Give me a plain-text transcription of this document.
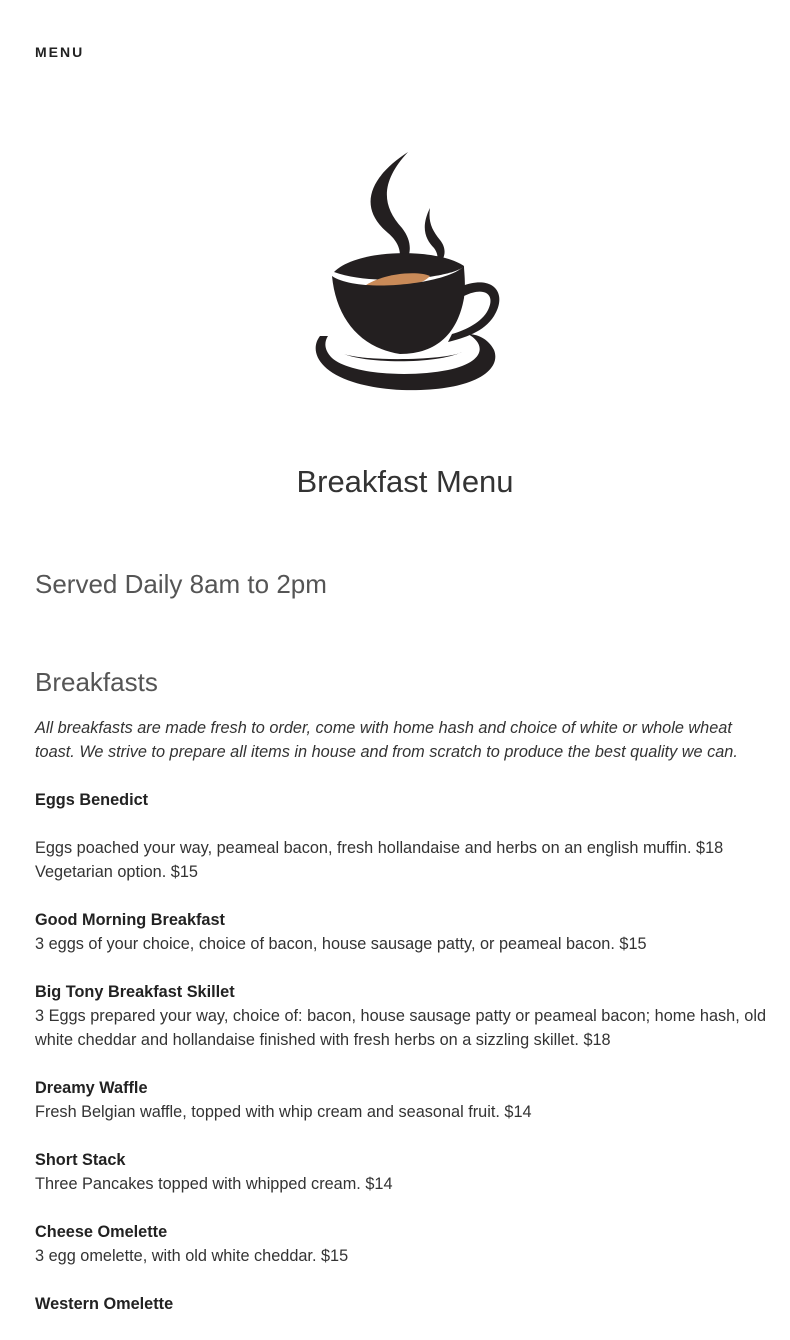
MENU
Breakfast Menu
Served Daily 8am to 2pm
Breakfasts

All breakfasts are made fresh to order, come with home hash and choice of white or whole wheat toast. We strive to prepare all items in house and from scratch to produce the best quality we can.

Eggs Benedict
Eggs poached your way, peameal bacon, fresh hollandaise and herbs on an english muffin. $18
Vegetarian option. $15
Good Morning Breakfast
3 eggs of your choice, choice of bacon, house sausage patty, or peameal bacon. $15
Big Tony Breakfast Skillet
3 Eggs prepared your way, choice of: bacon, house sausage patty or peameal bacon; home hash, old white cheddar and hollandaise finished with fresh herbs on a sizzling skillet. $18
Dreamy Waffle
Fresh Belgian waffle, topped with whip cream and seasonal fruit. $14
Short Stack
Three Pancakes topped with whipped cream. $14
Cheese Omelette
3 egg omelette, with old white cheddar. $15
Western Omelette
